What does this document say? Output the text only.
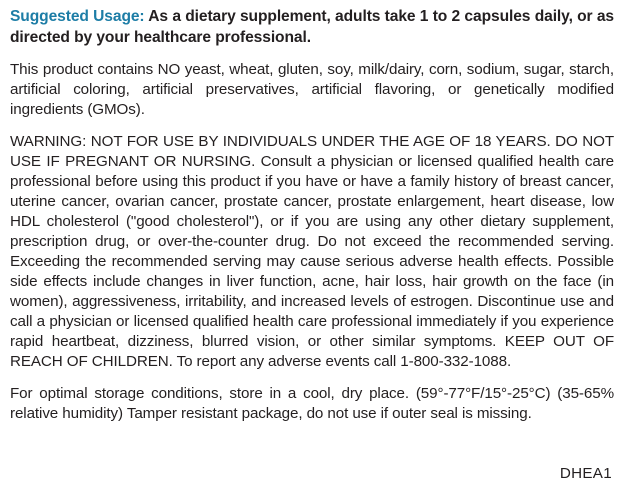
Suggested Usage: As a dietary supplement, adults take 1 to 2 capsules daily, or as directed by your healthcare professional.

This product contains NO yeast, wheat, gluten, soy, milk/dairy, corn, sodium, sugar, starch, artificial coloring, artificial preservatives, artificial flavoring, or genetically modified ingredients (GMOs).

WARNING: NOT FOR USE BY INDIVIDUALS UNDER THE AGE OF 18 YEARS. DO NOT USE IF PREGNANT OR NURSING. Consult a physician or licensed qualified health care professional before using this product if you have or have a family history of breast cancer, uterine cancer, ovarian cancer, prostate cancer, prostate enlargement, heart disease, low HDL cholesterol ("good cholesterol"), or if you are using any other dietary supplement, prescription drug, or over-the-counter drug. Do not exceed the recommended serving. Exceeding the recommended serving may cause serious adverse health effects. Possible side effects include changes in liver function, acne, hair loss, hair growth on the face (in women), aggressiveness, irritability, and increased levels of estrogen. Discontinue use and call a physician or licensed qualified health care professional immediately if you experience rapid heartbeat, dizziness, blurred vision, or other similar symptoms. KEEP OUT OF REACH OF CHILDREN. To report any adverse events call 1-800-332-1088.

For optimal storage conditions, store in a cool, dry place. (59°-77°F/15°-25°C) (35-65% relative humidity) Tamper resistant package, do not use if outer seal is missing.

DHEA1
